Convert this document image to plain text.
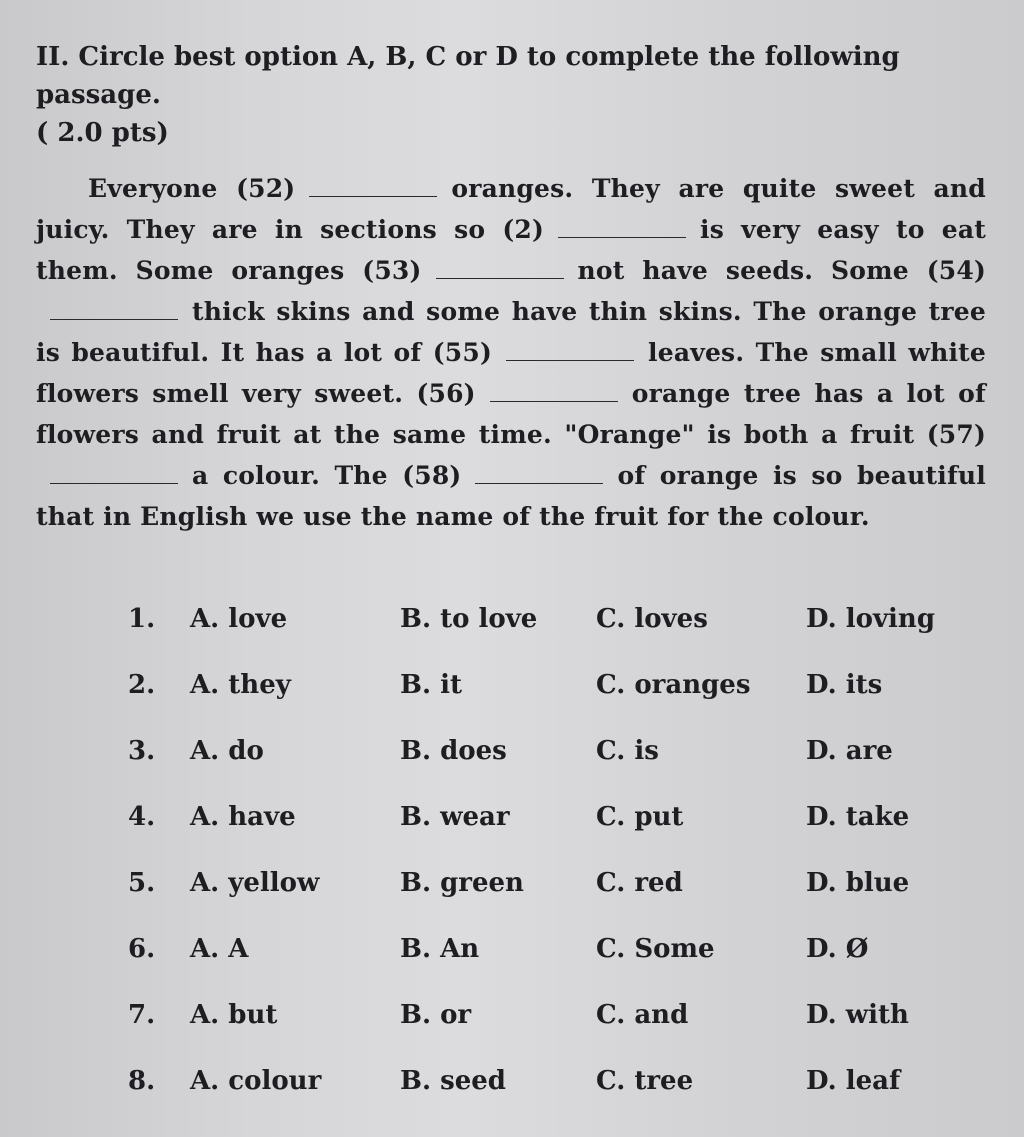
II. Circle best option A, B, C or D to complete the following passage.
( 2.0 pts)

Everyone (52)	oranges. They are quite sweet and juicy. They are in sections so (2)	is very easy to eat them. Some oranges (53)	not have seeds. Some (54)thick skins and some have thin skins. The orange tree is beautiful. It has a lot of (55)	leaves. The small white flowers smell very sweet. (56)	orange tree has a lot of flowers and fruit at the same time. "Orange" is both a fruit (57)a colour. The (58)	of orange is so beautiful that in English we use the name of the fruit for the colour.

1.	A. love	B. to love	C. loves	D. loving
2.	A. they	B. it	C. oranges	D. its
3.	A. do	B. does	C. is	D. are
4.	A. have	B. wear	C. put	D. take
5.	A. yellow	B. green	C. red	D. blue
6.	A. A	B. An	C. Some	D. Ø
7.	A. but	B. or	C. and	D. with
8.	A. colour	B. seed	C. tree	D. leaf
